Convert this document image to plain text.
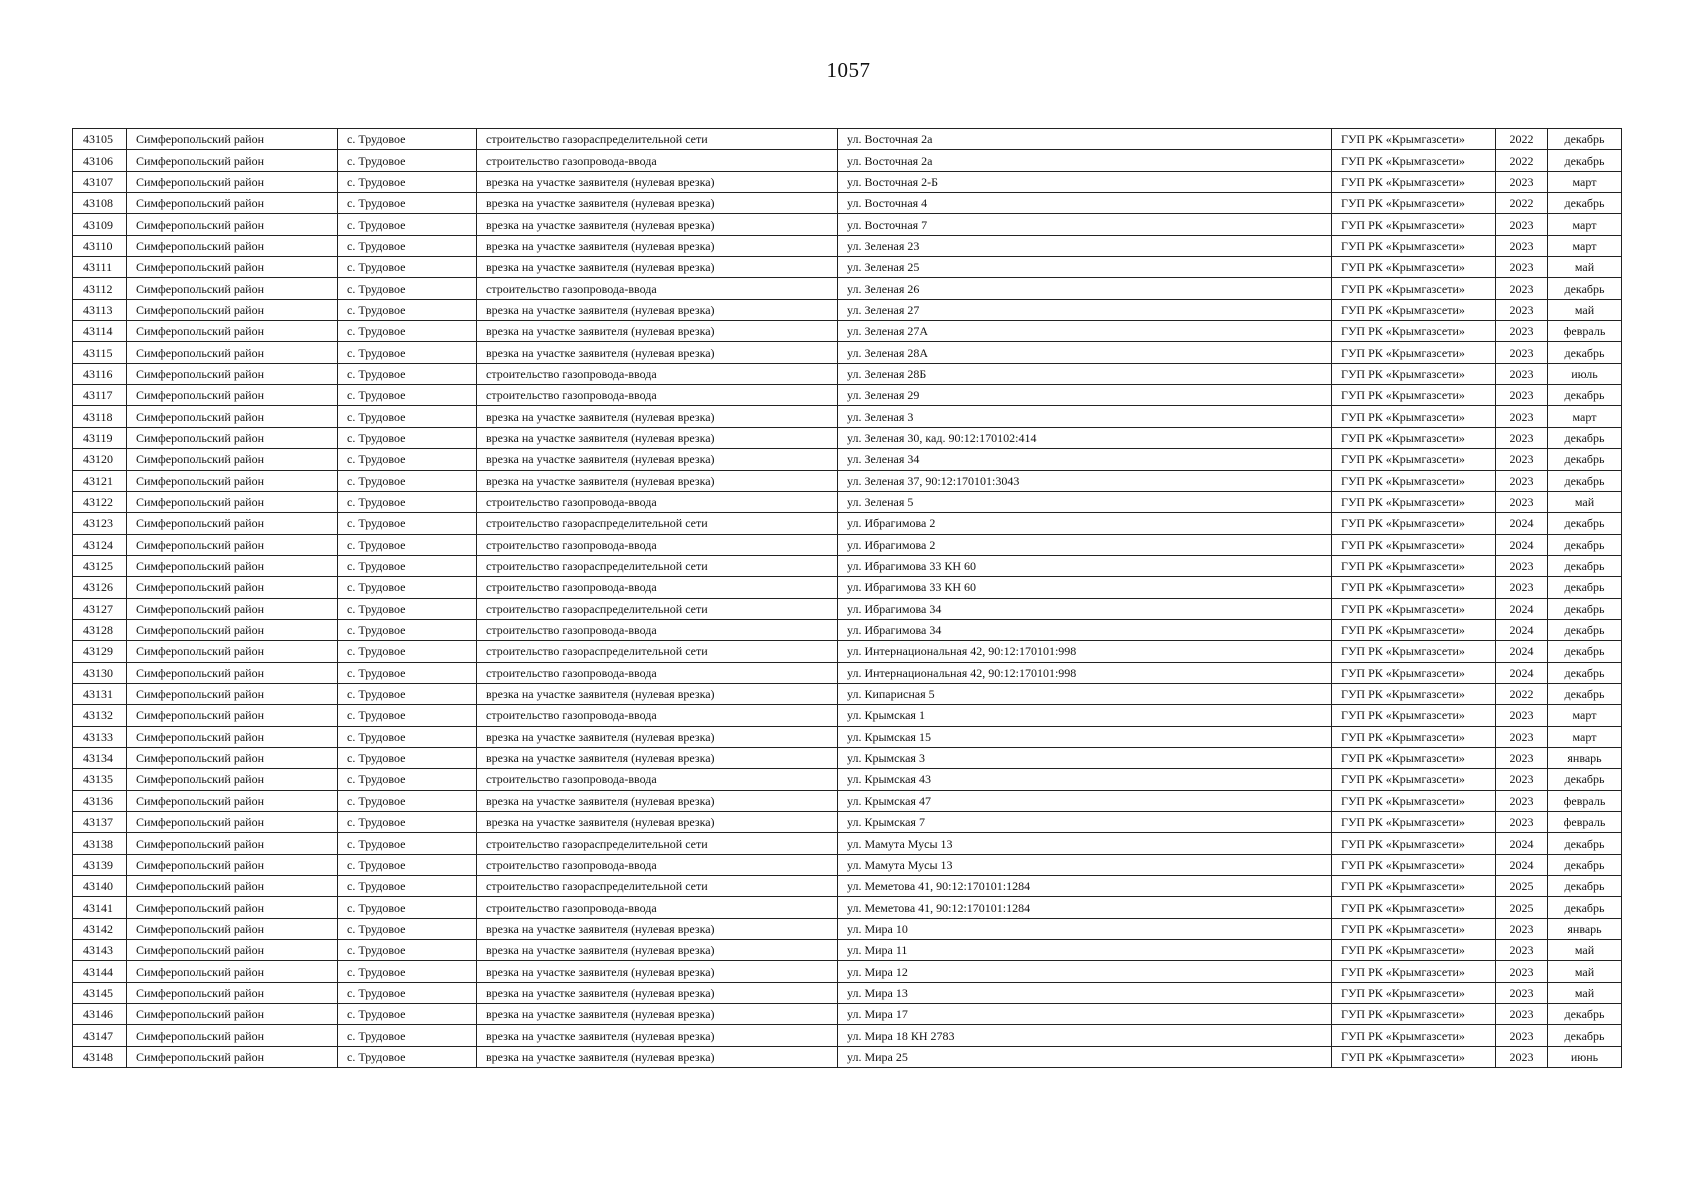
1057
43105	Симферопольский район	с. Трудовое	строительство газораспределительной сети	ул. Восточная 2а	ГУП РК «Крымгазсети»	2022	декабрь
43106	Симферопольский район	с. Трудовое	строительство газопровода-ввода	ул. Восточная 2а	ГУП РК «Крымгазсети»	2022	декабрь
43107	Симферопольский район	с. Трудовое	врезка на участке заявителя (нулевая врезка)	ул. Восточная 2-Б	ГУП РК «Крымгазсети»	2023	март
43108	Симферопольский район	с. Трудовое	врезка на участке заявителя (нулевая врезка)	ул. Восточная 4	ГУП РК «Крымгазсети»	2022	декабрь
43109	Симферопольский район	с. Трудовое	врезка на участке заявителя (нулевая врезка)	ул. Восточная 7	ГУП РК «Крымгазсети»	2023	март
43110	Симферопольский район	с. Трудовое	врезка на участке заявителя (нулевая врезка)	ул. Зеленая 23	ГУП РК «Крымгазсети»	2023	март
43111	Симферопольский район	с. Трудовое	врезка на участке заявителя (нулевая врезка)	ул. Зеленая 25	ГУП РК «Крымгазсети»	2023	май
43112	Симферопольский район	с. Трудовое	строительство газопровода-ввода	ул. Зеленая 26	ГУП РК «Крымгазсети»	2023	декабрь
43113	Симферопольский район	с. Трудовое	врезка на участке заявителя (нулевая врезка)	ул. Зеленая 27	ГУП РК «Крымгазсети»	2023	май
43114	Симферопольский район	с. Трудовое	врезка на участке заявителя (нулевая врезка)	ул. Зеленая 27А	ГУП РК «Крымгазсети»	2023	февраль
43115	Симферопольский район	с. Трудовое	врезка на участке заявителя (нулевая врезка)	ул. Зеленая 28А	ГУП РК «Крымгазсети»	2023	декабрь
43116	Симферопольский район	с. Трудовое	строительство газопровода-ввода	ул. Зеленая 28Б	ГУП РК «Крымгазсети»	2023	июль
43117	Симферопольский район	с. Трудовое	строительство газопровода-ввода	ул. Зеленая 29	ГУП РК «Крымгазсети»	2023	декабрь
43118	Симферопольский район	с. Трудовое	врезка на участке заявителя (нулевая врезка)	ул. Зеленая 3	ГУП РК «Крымгазсети»	2023	март
43119	Симферопольский район	с. Трудовое	врезка на участке заявителя (нулевая врезка)	ул. Зеленая 30, кад. 90:12:170102:414	ГУП РК «Крымгазсети»	2023	декабрь
43120	Симферопольский район	с. Трудовое	врезка на участке заявителя (нулевая врезка)	ул. Зеленая 34	ГУП РК «Крымгазсети»	2023	декабрь
43121	Симферопольский район	с. Трудовое	врезка на участке заявителя (нулевая врезка)	ул. Зеленая 37, 90:12:170101:3043	ГУП РК «Крымгазсети»	2023	декабрь
43122	Симферопольский район	с. Трудовое	строительство газопровода-ввода	ул. Зеленая 5	ГУП РК «Крымгазсети»	2023	май
43123	Симферопольский район	с. Трудовое	строительство газораспределительной сети	ул. Ибрагимова 2	ГУП РК «Крымгазсети»	2024	декабрь
43124	Симферопольский район	с. Трудовое	строительство газопровода-ввода	ул. Ибрагимова 2	ГУП РК «Крымгазсети»	2024	декабрь
43125	Симферопольский район	с. Трудовое	строительство газораспределительной сети	ул. Ибрагимова 33 КН 60	ГУП РК «Крымгазсети»	2023	декабрь
43126	Симферопольский район	с. Трудовое	строительство газопровода-ввода	ул. Ибрагимова 33 КН 60	ГУП РК «Крымгазсети»	2023	декабрь
43127	Симферопольский район	с. Трудовое	строительство газораспределительной сети	ул. Ибрагимова 34	ГУП РК «Крымгазсети»	2024	декабрь
43128	Симферопольский район	с. Трудовое	строительство газопровода-ввода	ул. Ибрагимова 34	ГУП РК «Крымгазсети»	2024	декабрь
43129	Симферопольский район	с. Трудовое	строительство газораспределительной сети	ул. Интернациональная 42, 90:12:170101:998	ГУП РК «Крымгазсети»	2024	декабрь
43130	Симферопольский район	с. Трудовое	строительство газопровода-ввода	ул. Интернациональная 42, 90:12:170101:998	ГУП РК «Крымгазсети»	2024	декабрь
43131	Симферопольский район	с. Трудовое	врезка на участке заявителя (нулевая врезка)	ул. Кипарисная 5	ГУП РК «Крымгазсети»	2022	декабрь
43132	Симферопольский район	с. Трудовое	строительство газопровода-ввода	ул. Крымская 1	ГУП РК «Крымгазсети»	2023	март
43133	Симферопольский район	с. Трудовое	врезка на участке заявителя (нулевая врезка)	ул. Крымская 15	ГУП РК «Крымгазсети»	2023	март
43134	Симферопольский район	с. Трудовое	врезка на участке заявителя (нулевая врезка)	ул. Крымская 3	ГУП РК «Крымгазсети»	2023	январь
43135	Симферопольский район	с. Трудовое	строительство газопровода-ввода	ул. Крымская 43	ГУП РК «Крымгазсети»	2023	декабрь
43136	Симферопольский район	с. Трудовое	врезка на участке заявителя (нулевая врезка)	ул. Крымская 47	ГУП РК «Крымгазсети»	2023	февраль
43137	Симферопольский район	с. Трудовое	врезка на участке заявителя (нулевая врезка)	ул. Крымская 7	ГУП РК «Крымгазсети»	2023	февраль
43138	Симферопольский район	с. Трудовое	строительство газораспределительной сети	ул. Мамута Мусы 13	ГУП РК «Крымгазсети»	2024	декабрь
43139	Симферопольский район	с. Трудовое	строительство газопровода-ввода	ул. Мамута Мусы 13	ГУП РК «Крымгазсети»	2024	декабрь
43140	Симферопольский район	с. Трудовое	строительство газораспределительной сети	ул. Меметова 41, 90:12:170101:1284	ГУП РК «Крымгазсети»	2025	декабрь
43141	Симферопольский район	с. Трудовое	строительство газопровода-ввода	ул. Меметова 41, 90:12:170101:1284	ГУП РК «Крымгазсети»	2025	декабрь
43142	Симферопольский район	с. Трудовое	врезка на участке заявителя (нулевая врезка)	ул. Мира 10	ГУП РК «Крымгазсети»	2023	январь
43143	Симферопольский район	с. Трудовое	врезка на участке заявителя (нулевая врезка)	ул. Мира 11	ГУП РК «Крымгазсети»	2023	май
43144	Симферопольский район	с. Трудовое	врезка на участке заявителя (нулевая врезка)	ул. Мира 12	ГУП РК «Крымгазсети»	2023	май
43145	Симферопольский район	с. Трудовое	врезка на участке заявителя (нулевая врезка)	ул. Мира 13	ГУП РК «Крымгазсети»	2023	май
43146	Симферопольский район	с. Трудовое	врезка на участке заявителя (нулевая врезка)	ул. Мира 17	ГУП РК «Крымгазсети»	2023	декабрь
43147	Симферопольский район	с. Трудовое	врезка на участке заявителя (нулевая врезка)	ул. Мира 18 КН 2783	ГУП РК «Крымгазсети»	2023	декабрь
43148	Симферопольский район	с. Трудовое	врезка на участке заявителя (нулевая врезка)	ул. Мира 25	ГУП РК «Крымгазсети»	2023	июнь
